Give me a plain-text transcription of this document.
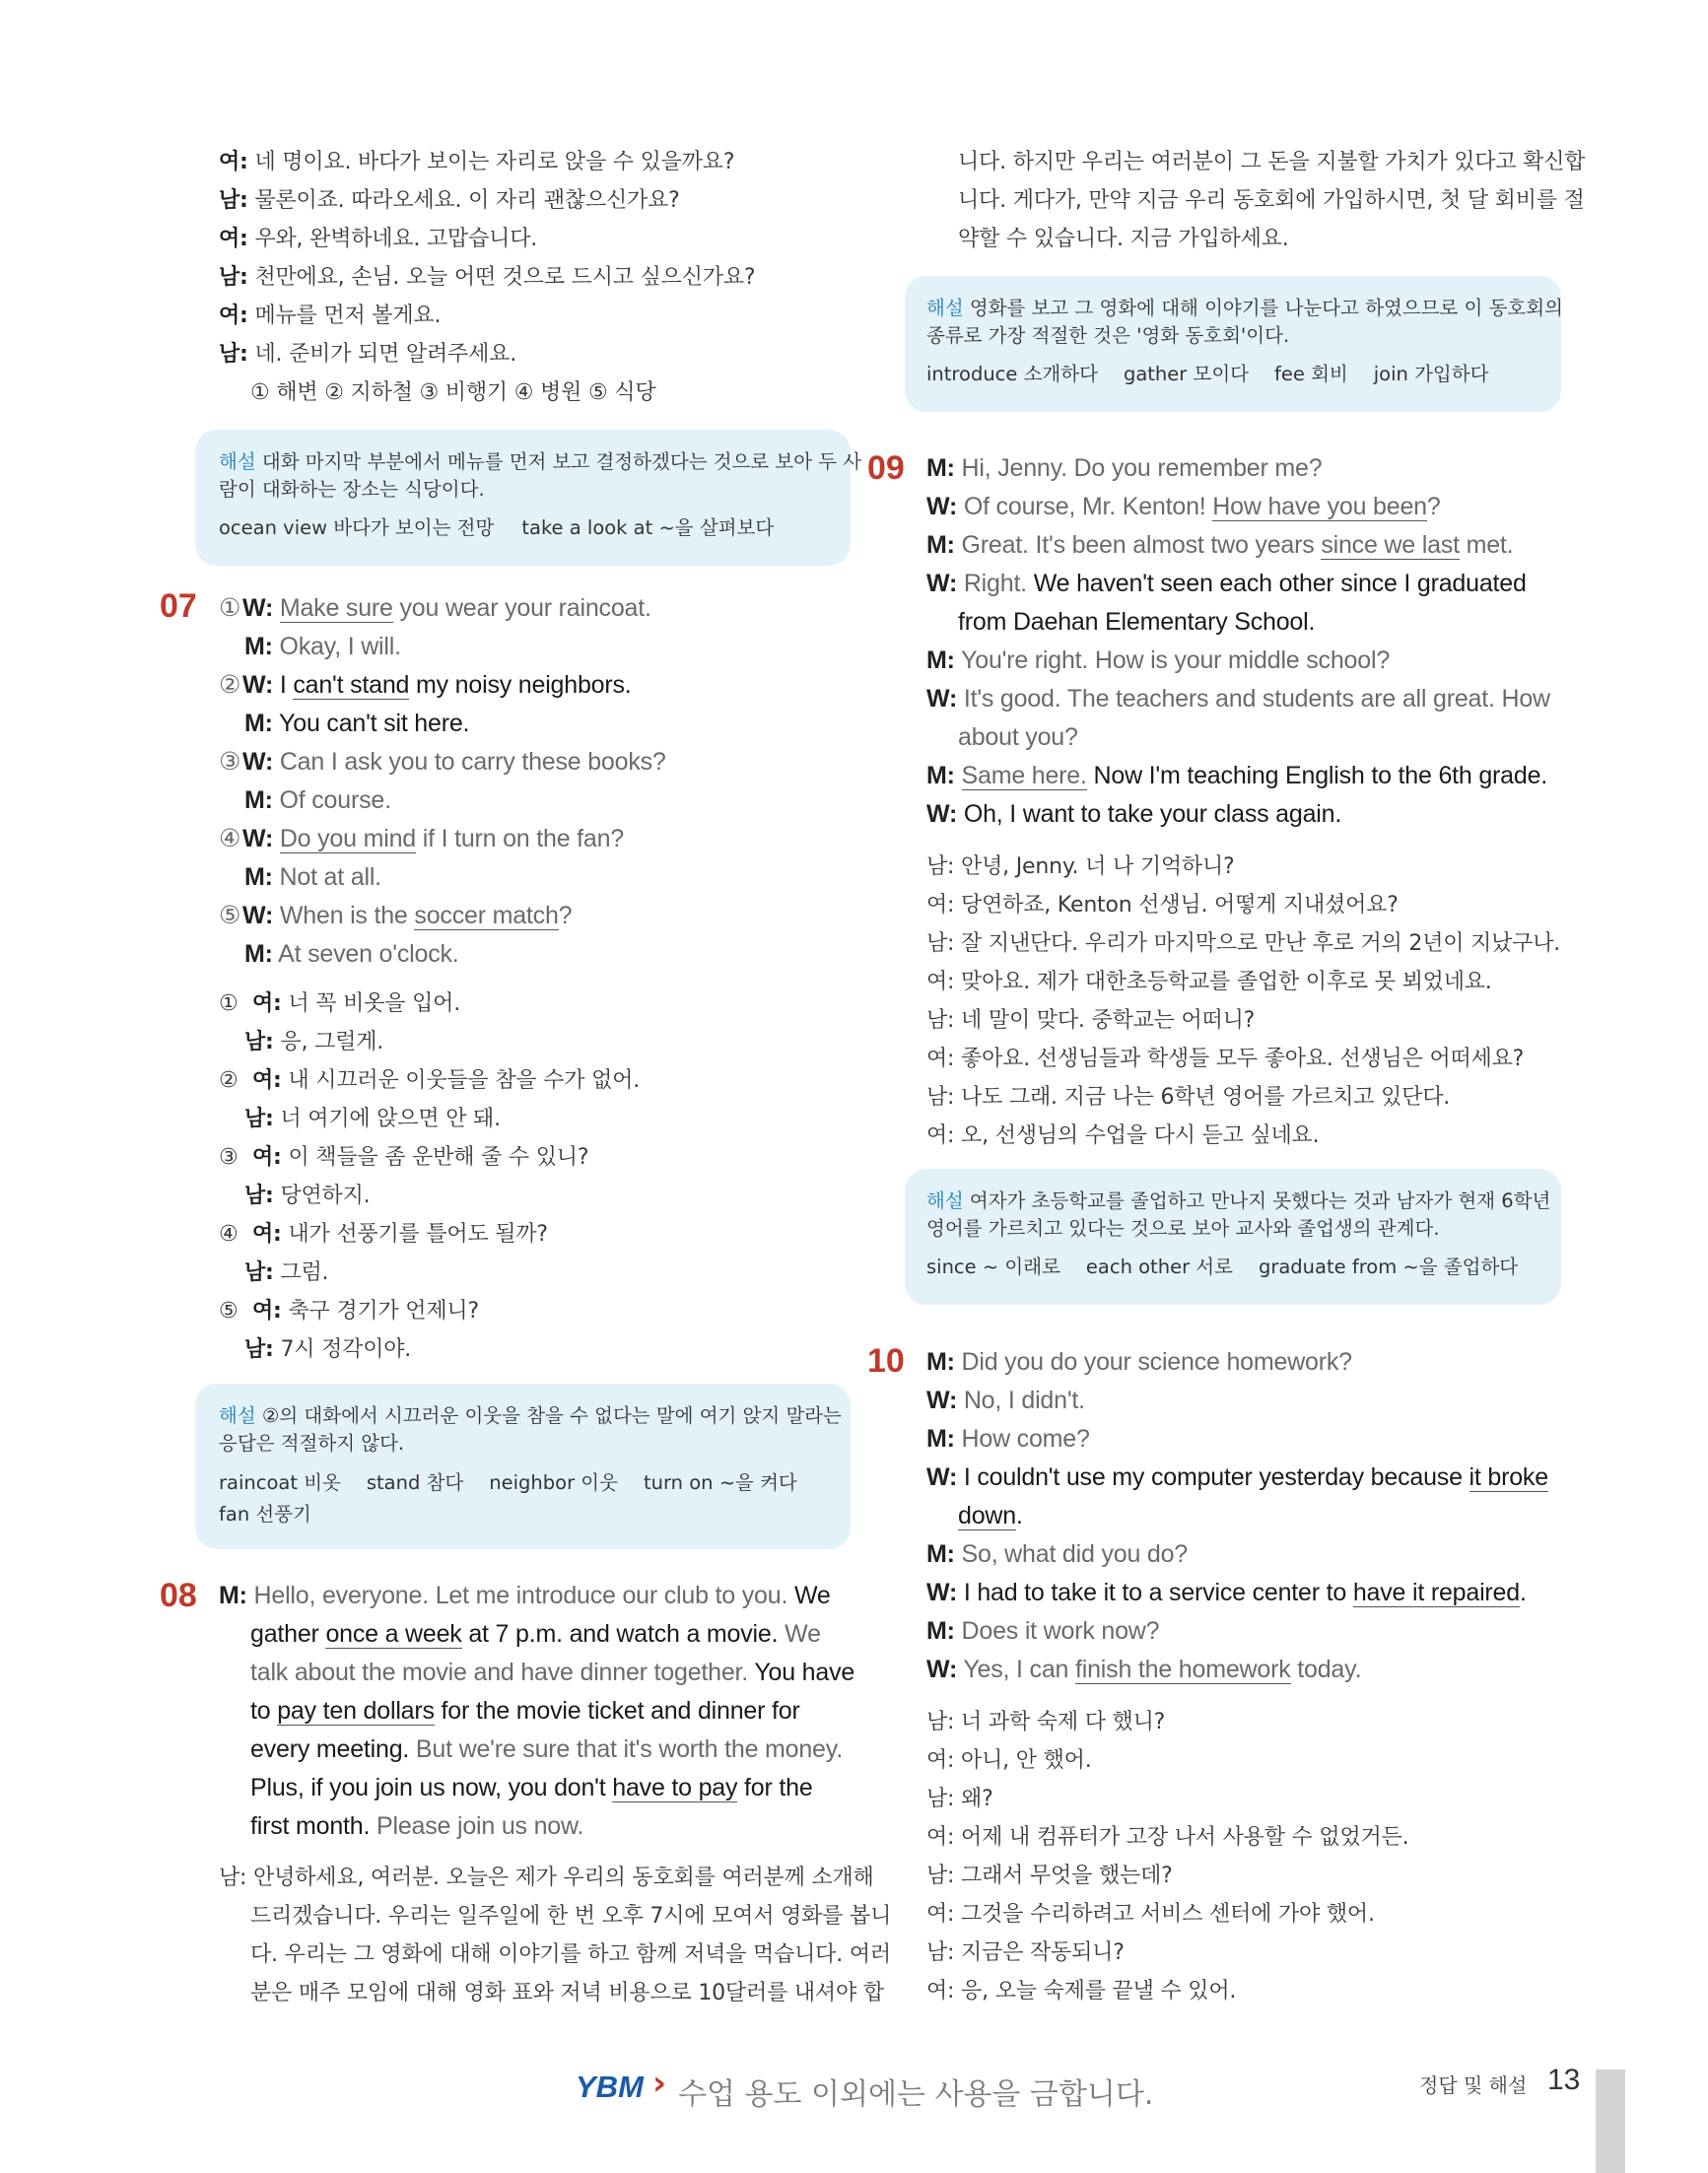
여: 네 명이요. 바다가 보이는 자리로 앉을 수 있을까요?
남: 물론이죠. 따라오세요. 이 자리 괜찮으신가요?
여: 우와, 완벽하네요. 고맙습니다.
남: 천만에요, 손님. 오늘 어떤 것으로 드시고 싶으신가요?
여: 메뉴를 먼저 볼게요.
남: 네. 준비가 되면 알려주세요.
① 해변 ② 지하철 ③ 비행기 ④ 병원 ⑤ 식당
해설 대화 마지막 부분에서 메뉴를 먼저 보고 결정하겠다는 것으로 보아 두 사
람이 대화하는 장소는 식당이다.
ocean view 바다가 보이는 전망 take a look at ~을 살펴보다
07 ① W: Make sure you wear your raincoat.
M: Okay, I will.
② W: I can't stand my noisy neighbors.
M: You can't sit here.
③ W: Can I ask you to carry these books?
M: Of course.
④ W: Do you mind if I turn on the fan?
M: Not at all.
⑤ W: When is the soccer match?
M: At seven o'clock.
① 여: 너 꼭 비옷을 입어.
남: 응, 그럴게.
② 여: 내 시끄러운 이웃들을 참을 수가 없어.
남: 너 여기에 앉으면 안 돼.
③ 여: 이 책들을 좀 운반해 줄 수 있니?
남: 당연하지.
④ 여: 내가 선풍기를 틀어도 될까?
남: 그럼.
⑤ 여: 축구 경기가 언제니?
남: 7시 정각이야.
해설 ②의 대화에서 시끄러운 이웃을 참을 수 없다는 말에 여기 앉지 말라는
응답은 적절하지 않다.
raincoat 비옷 stand 참다 neighbor 이웃 turn on ~을 켜다
fan 선풍기
08 M: Hello, everyone. Let me introduce our club to you. We
gather once a week at 7 p.m. and watch a movie. We
talk about the movie and have dinner together. You have
to pay ten dollars for the movie ticket and dinner for
every meeting. But we're sure that it's worth the money.
Plus, if you join us now, you don't have to pay for the
first month. Please join us now.
남: 안녕하세요, 여러분. 오늘은 제가 우리의 동호회를 여러분께 소개해
드리겠습니다. 우리는 일주일에 한 번 오후 7시에 모여서 영화를 봅니
다. 우리는 그 영화에 대해 이야기를 하고 함께 저녁을 먹습니다. 여러
분은 매주 모임에 대해 영화 표와 저녁 비용으로 10달러를 내셔야 합
니다. 하지만 우리는 여러분이 그 돈을 지불할 가치가 있다고 확신합
니다. 게다가, 만약 지금 우리 동호회에 가입하시면, 첫 달 회비를 절
약할 수 있습니다. 지금 가입하세요.
해설 영화를 보고 그 영화에 대해 이야기를 나눈다고 하였으므로 이 동호회의
종류로 가장 적절한 것은 '영화 동호회'이다.
introduce 소개하다 gather 모이다 fee 회비 join 가입하다
09 M: Hi, Jenny. Do you remember me?
W: Of course, Mr. Kenton! How have you been?
M: Great. It's been almost two years since we last met.
W: Right. We haven't seen each other since I graduated
from Daehan Elementary School.
M: You're right. How is your middle school?
W: It's good. The teachers and students are all great. How
about you?
M: Same here. Now I'm teaching English to the 6th grade.
W: Oh, I want to take your class again.
남: 안녕, Jenny. 너 나 기억하니?
여: 당연하죠, Kenton 선생님. 어떻게 지내셨어요?
남: 잘 지낸단다. 우리가 마지막으로 만난 후로 거의 2년이 지났구나.
여: 맞아요. 제가 대한초등학교를 졸업한 이후로 못 뵈었네요.
남: 네 말이 맞다. 중학교는 어떠니?
여: 좋아요. 선생님들과 학생들 모두 좋아요. 선생님은 어떠세요?
남: 나도 그래. 지금 나는 6학년 영어를 가르치고 있단다.
여: 오, 선생님의 수업을 다시 듣고 싶네요.
해설 여자가 초등학교를 졸업하고 만나지 못했다는 것과 남자가 현재 6학년
영어를 가르치고 있다는 것으로 보아 교사와 졸업생의 관계다.
since ~ 이래로 each other 서로 graduate from ~을 졸업하다
10 M: Did you do your science homework?
W: No, I didn't.
M: How come?
W: I couldn't use my computer yesterday because it broke
down.
M: So, what did you do?
W: I had to take it to a service center to have it repaired.
M: Does it work now?
W: Yes, I can finish the homework today.
남: 너 과학 숙제 다 했니?
여: 아니, 안 했어.
남: 왜?
여: 어제 내 컴퓨터가 고장 나서 사용할 수 없었거든.
남: 그래서 무엇을 했는데?
여: 그것을 수리하려고 서비스 센터에 가야 했어.
남: 지금은 작동되니?
여: 응, 오늘 숙제를 끝낼 수 있어.
YBM › 수업 용도 이외에는 사용을 금합니다.	정답 및 해설 13
